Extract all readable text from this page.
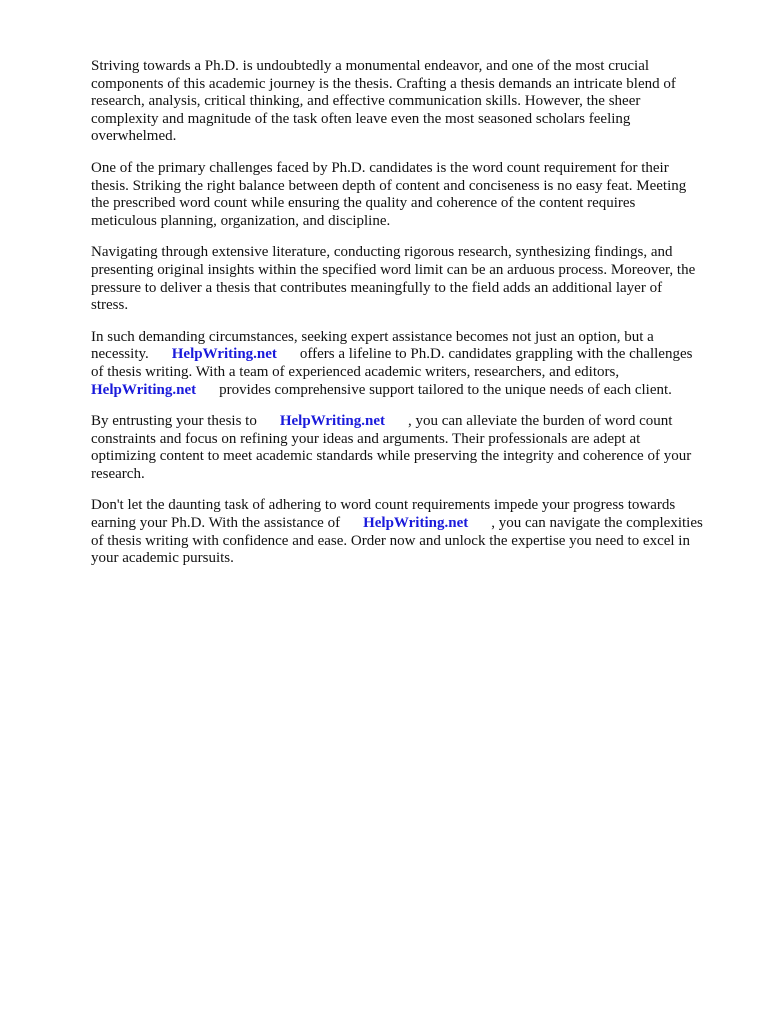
Striving towards a Ph.D. is undoubtedly a monumental endeavor, and one of the most crucial
components of this academic journey is the thesis. Crafting a thesis demands an intricate blend of
research, analysis, critical thinking, and effective communication skills. However, the sheer
complexity and magnitude of the task often leave even the most seasoned scholars feeling
overwhelmed.

One of the primary challenges faced by Ph.D. candidates is the word count requirement for their
thesis. Striking the right balance between depth of content and conciseness is no easy feat. Meeting
the prescribed word count while ensuring the quality and coherence of the content requires
meticulous planning, organization, and discipline.

Navigating through extensive literature, conducting rigorous research, synthesizing findings, and
presenting original insights within the specified word limit can be an arduous process. Moreover, the
pressure to deliver a thesis that contributes meaningfully to the field adds an additional layer of
stress.

In such demanding circumstances, seeking expert assistance becomes not just an option, but a
necessity. HelpWriting.net offers a lifeline to Ph.D. candidates grappling with the challenges
of thesis writing. With a team of experienced academic writers, researchers, and editors,
HelpWriting.net provides comprehensive support tailored to the unique needs of each client.

By entrusting your thesis to HelpWriting.net , you can alleviate the burden of word count
constraints and focus on refining your ideas and arguments. Their professionals are adept at
optimizing content to meet academic standards while preserving the integrity and coherence of your
research.

Don't let the daunting task of adhering to word count requirements impede your progress towards
earning your Ph.D. With the assistance of HelpWriting.net , you can navigate the complexities
of thesis writing with confidence and ease. Order now and unlock the expertise you need to excel in
your academic pursuits.
